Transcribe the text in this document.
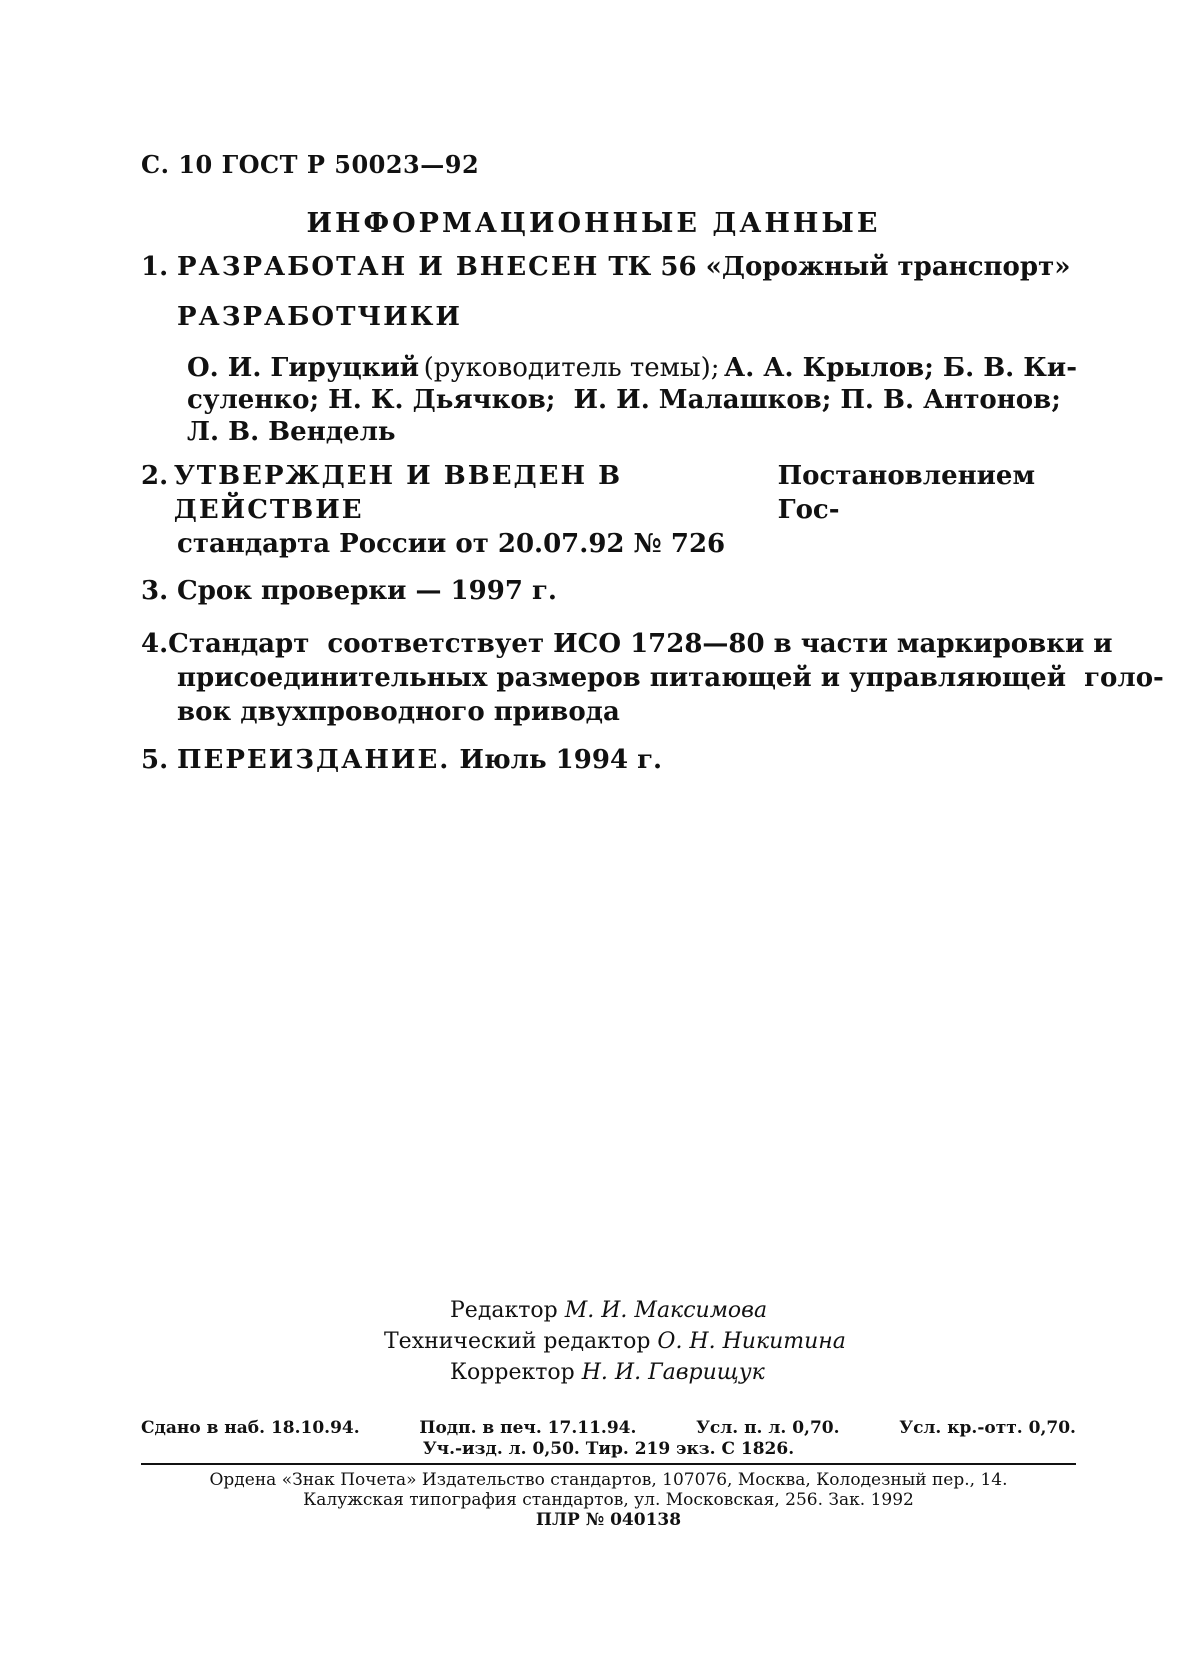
С. 10 ГОСТ Р 50023—92
ИНФОРМАЦИОННЫЕ ДАННЫЕ
1. РАЗРАБОТАН И ВНЕСЕН ТК 56 «Дорожный транспорт»
РАЗРАБОТЧИКИ
О. И. Гируцкий (руководитель темы); А. А. Крылов; Б. В. Ки-
суленко; Н. К. Дьячков;  И. И. Малашков; П. В. Антонов;
Л. В. Вендель
2. УТВЕРЖДЕН И ВВЕДЕН В ДЕЙСТВИЕ
Постановлением Гос-
стандарта России от 20.07.92 № 726
3. Срок проверки — 1997 г.
4. Стандарт  соответствует ИСО 1728—80 в части маркировки и
присоединительных размеров питающей и управляющей  голо-
вок двухпроводного привода
5. ПЕРЕИЗДАНИЕ. Июль 1994 г.
Редактор М. И. Максимова
Технический редактор О. Н. Никитина
Корректор Н. И. Гаврищук
Сдано в наб. 18.10.94.	Подп. в печ. 17.11.94.	Усл. п. л. 0,70.	Усл. кр.-отт. 0,70.
Уч.-изд. л. 0,50. Тир. 219 экз. С 1826.
Ордена «Знак Почета» Издательство стандартов, 107076, Москва, Колодезный пер., 14.
Калужская типография стандартов, ул. Московская, 256. Зак. 1992
ПЛР № 040138
